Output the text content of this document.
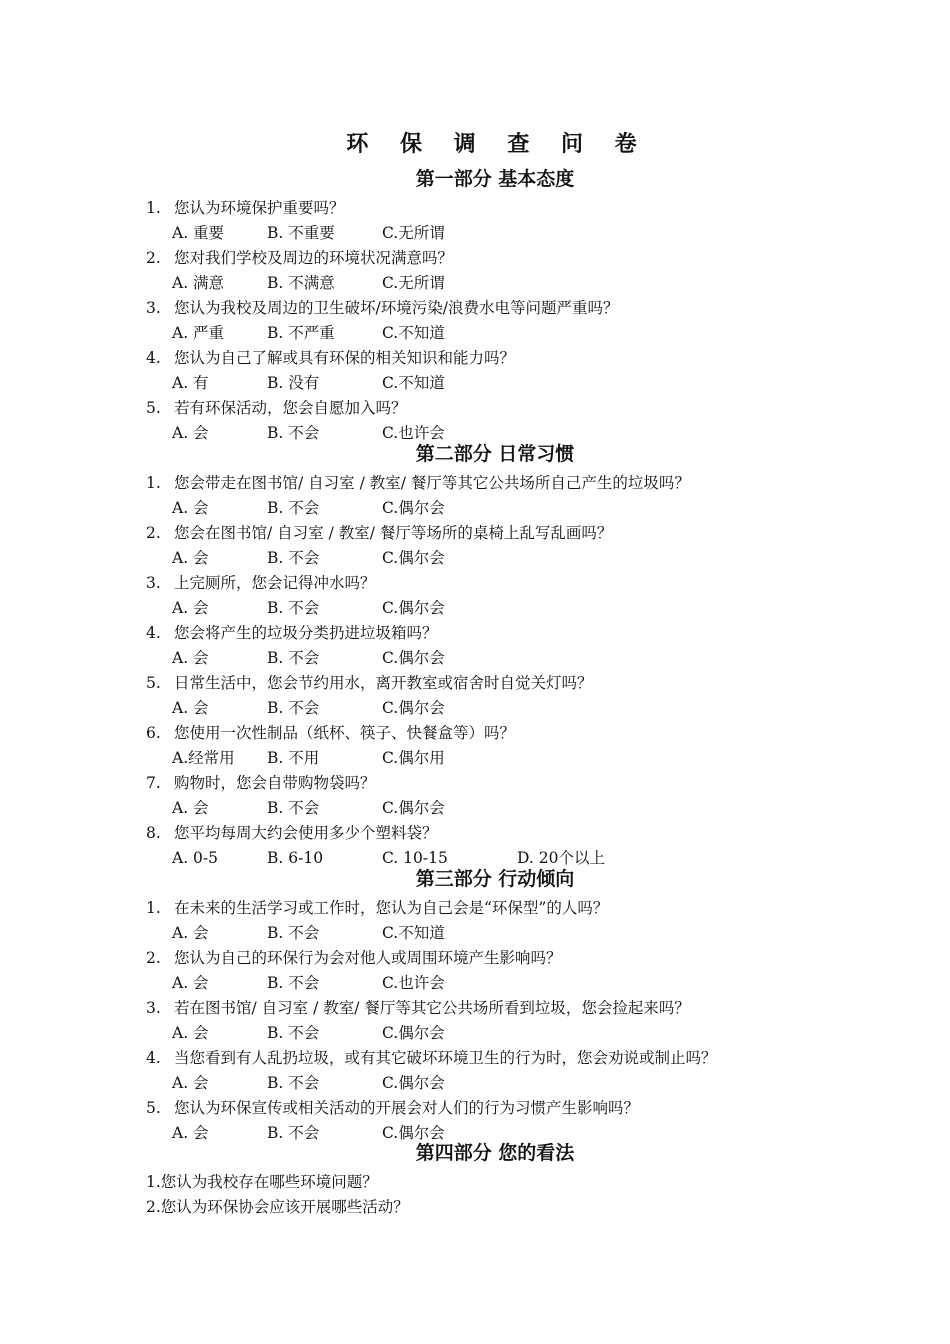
环 保 调 查 问 卷
第一部分 基本态度
1. 您认为环境保护重要吗？
A. 重要	B. 不重要	C.无所谓
2. 您对我们学校及周边的环境状况满意吗？
A. 满意	B. 不满意	C.无所谓
3. 您认为我校及周边的卫生破坏/环境污染/浪费水电等问题严重吗？
A. 严重	B. 不严重	C.不知道
4. 您认为自己了解或具有环保的相关知识和能力吗？
A. 有	B. 没有	C.不知道
5. 若有环保活动，您会自愿加入吗？
A. 会	B. 不会	C.也许会
第二部分 日常习惯
1. 您会带走在图书馆/ 自习室 / 教室/ 餐厅等其它公共场所自己产生的垃圾吗？
A. 会	B. 不会	C.偶尔会
2. 您会在图书馆/ 自习室 / 教室/ 餐厅等场所的桌椅上乱写乱画吗？
A. 会	B. 不会	C.偶尔会
3. 上完厕所，您会记得冲水吗？
A. 会	B. 不会	C.偶尔会
4. 您会将产生的垃圾分类扔进垃圾箱吗？
A. 会	B. 不会	C.偶尔会
5. 日常生活中，您会节约用水，离开教室或宿舍时自觉关灯吗？
A. 会	B. 不会	C.偶尔会
6. 您使用一次性制品（纸杯、筷子、快餐盒等）吗？
A.经常用 B. 不用	C.偶尔用
7. 购物时，您会自带购物袋吗？
A. 会	B. 不会	C.偶尔会
8. 您平均每周大约会使用多少个塑料袋？
A. 0-5	B. 6-10	C. 10-15	D. 20个以上
第三部分 行动倾向
1. 在未来的生活学习或工作时，您认为自己会是“环保型”的人吗？
A. 会	B. 不会	C.不知道
2. 您认为自己的环保行为会对他人或周围环境产生影响吗？
A. 会	B. 不会	C.也许会
3. 若在图书馆/ 自习室 / 教室/ 餐厅等其它公共场所看到垃圾，您会捡起来吗？
A. 会	B. 不会	C.偶尔会
4. 当您看到有人乱扔垃圾，或有其它破坏环境卫生的行为时，您会劝说或制止吗？
A. 会	B. 不会	C.偶尔会
5. 您认为环保宣传或相关活动的开展会对人们的行为习惯产生影响吗？
A. 会	B. 不会	C.偶尔会
第四部分 您的看法
1.您认为我校存在哪些环境问题？
2.您认为环保协会应该开展哪些活动？
